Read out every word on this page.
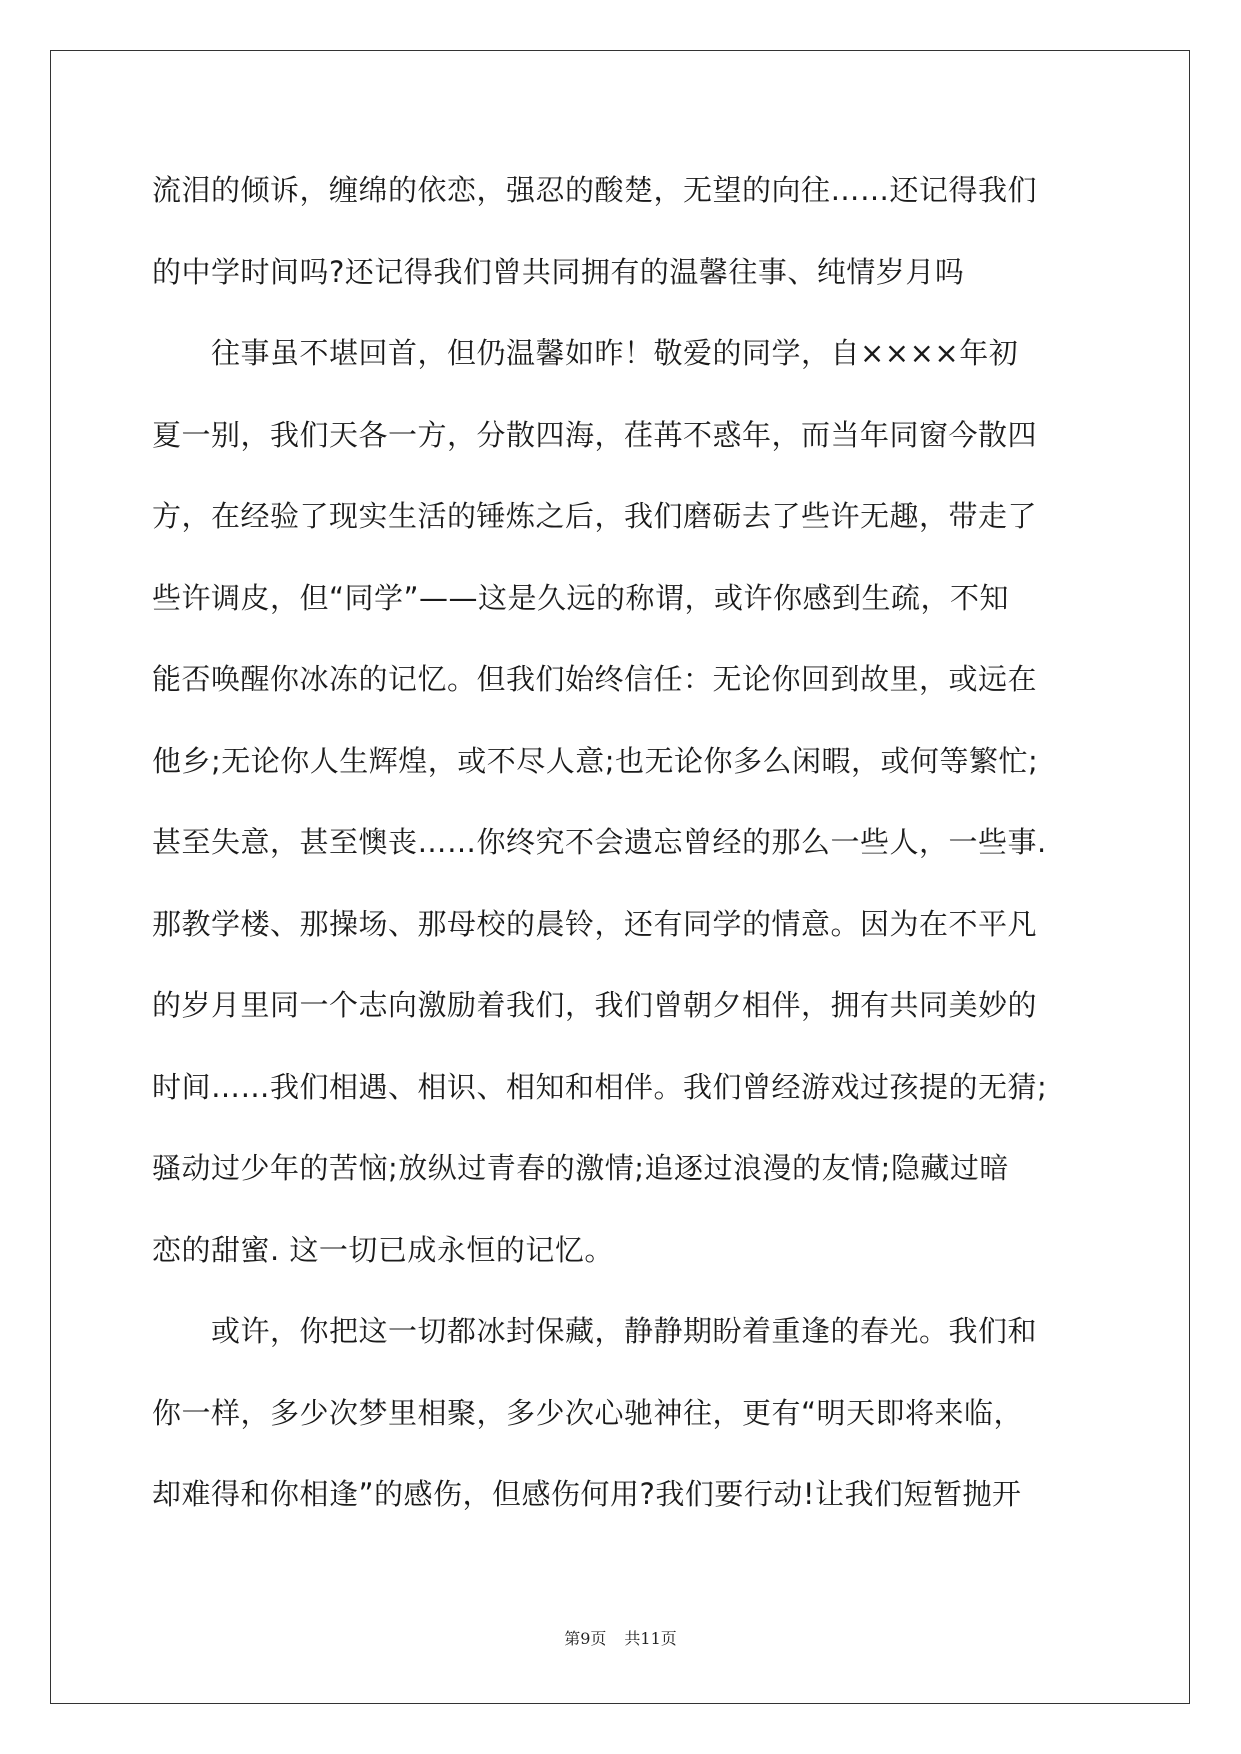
流泪的倾诉，缠绵的依恋，强忍的酸楚，无望的向往……还记得我们
的中学时间吗?还记得我们曾共同拥有的温馨往事、纯情岁月吗
　　往事虽不堪回首，但仍温馨如昨！敬爱的同学，自××××年初
夏一别，我们天各一方，分散四海，荏苒不惑年，而当年同窗今散四
方，在经验了现实生活的锤炼之后，我们磨砺去了些许无趣，带走了
些许调皮，但“同学”——这是久远的称谓，或许你感到生疏，不知
能否唤醒你冰冻的记忆。但我们始终信任：无论你回到故里，或远在
他乡;无论你人生辉煌，或不尽人意;也无论你多么闲暇，或何等繁忙;
甚至失意，甚至懊丧……你终究不会遗忘曾经的那么一些人，一些事.
那教学楼、那操场、那母校的晨铃，还有同学的情意。因为在不平凡
的岁月里同一个志向激励着我们，我们曾朝夕相伴，拥有共同美妙的
时间……我们相遇、相识、相知和相伴。我们曾经游戏过孩提的无猜;
骚动过少年的苦恼;放纵过青春的激情;追逐过浪漫的友情;隐藏过暗
恋的甜蜜. 这一切已成永恒的记忆。
　　或许，你把这一切都冰封保藏，静静期盼着重逢的春光。我们和
你一样，多少次梦里相聚，多少次心驰神往，更有“明天即将来临，
却难得和你相逢”的感伤，但感伤何用?我们要行动!让我们短暂抛开
第9页 共11页
